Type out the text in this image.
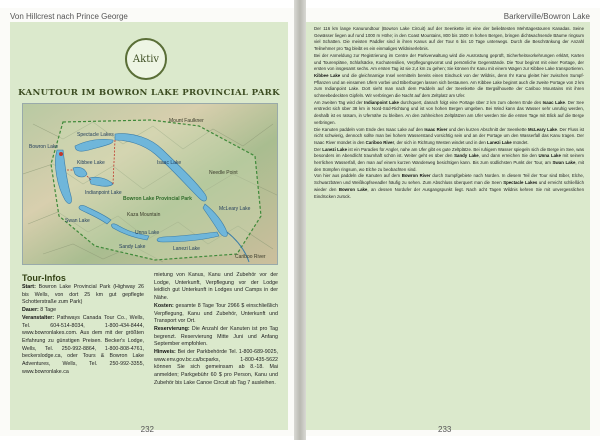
Von Hillcrest nach Prince George
Aktiv
KANUTOUR IM BOWRON LAKE PROVINCIAL PARK
Bowron Lake
Spectacle Lakes
Isaac Lake
Lanezi Lake
Sandy Lake
Indianpoint Lake
Kibbee Lake
Unna Lake
Swan Lake
McLeary Lake
Bowron Lake Provincial Park
Mount Faulkner
Needle Point
Kaza Mountain
Cariboo River
Tour-Infos

Start: Bowron Lake Provincial Park (Highway 26 bis Wells, von dort 25 km gut gepflegte Schotterstraße zum Park)

Dauer: 8 Tage

Veranstalter: Pathways Canada Tour Co., Wells, Tel. 604-514-8034, 1-800-434-8444, www.bowronlakes.com. Aus dem mit der größten Erfahrung zu günstigen Preisen. Becker's Lodge, Wells, Tel. 250-992-8864, 1-800-808-4761, beckerslodge.ca, oder Tours & Bowron Lake Adventures, Wells, Tel. 250-992-3355, www.bowronlake.ca

mietung von Kanus, Kanu und Zubehör vor der Lodge, Unterkunft, Verpflegung vor der Lodge leidlich gut Unterkunft in Lodges und Camps in der Nähe.

Kosten: gesamte 8 Tage Tour 2966 $ einschließlich Verpflegung, Kanu und Zubehör, Unterkunft und Transport vor Ort.

Reservierung: Die Anzahl der Kanuten ist pro Tag begrenzt. Reservierung Mitte Juni und Anfang September empfohlen.

Hinweis: Bei der Parkbehörde Tel. 1-800-689-9025, www.env.gov.bc.ca/bcparks, 1-800-435-5622 können Sie sich gemeinsam ab 8.-18. Mai anmelden; Parkgebühr 60 $ pro Person, Kanu und Zubehör bis Lake Canoe Circuit ab Tag 7 ausleihen.

232
Barkerville/Bowron Lake

Der 116 km lange Kanurundtour (Bowron Lake Circuit) auf der Seenkette ist eine der beliebtesten Mehrtagestouren Kanadas. Seine Gewässer liegen auf rund 1000 m Höhe; in den Coast Mountains, 800 bis 1500 m hohen Bergen, bringen dichtwachsende Bäume ringsum viel Schatten. Die meisten Paddler sind in ihren Kanus auf der Tour 6 bis 10 Tage unterwegs. Durch die Beschränkung der Anzahl Teilnehmer pro Tag bleibt es ein einmaliges Wildniserlebnis.

Bei der Anmeldung zur Registrierung im Centre der Parkverwaltung wird die Ausrüstung geprüft, Sicherheitsvorkehrungen erklärt, Karten und Tourenpläne, Schlafsäcke, Kochutensilien, Verpflegungsvorrat und persönliche Gegenstände. Die Tour beginnt mit einer Portage, der ersten von insgesamt sechs. Am ersten Tag ist sie 2,4 km zu gehen; Sie können Ihr Kanu mit einem Wagen zur Kibbee Lake transportieren. Kibbee Lake und die gleichnamige Insel vermitteln bereits einen Eindruck von der Wildnis, denn Ihr Kanu gleitet hier zwischen Sumpf-Pflanzen und an einsamen Ufern vorbei und Biberburgen lassen sich bestaunen. Am Kibbee Lake beginnt auch die zweite Portage von 2 km zum Indianpoint Lake. Dort sieht man nach dem Paddeln auf der Seenkette die Bergsilhouette der Cariboo Mountains mit ihren schneebedeckten Gipfeln. Wir verbringen die Nacht auf dem Zeltplatz am Ufer.

Am zweiten Tag wird der Indianpoint Lake durchquert, danach folgt eine Portage über 2 km zum oberen Ende des Isaac Lake. Der See erstreckt sich über 38 km in Nord-Süd-Richtung und ist von hohen Bergen umgeben. Bei Wind kann das Wasser sehr unruhig werden, deshalb ist es ratsam, in Ufernähe zu bleiben. An den zahlreichen Zeltplätzen am Ufer werden Sie die ersten Tage mit Blick auf die Berge verbringen.

Die Kanuten paddeln vom Ende des Isaac Lake auf den Isaac River und den kurzen Abschnitt der Seenkette McLeary Lake. Der Fluss ist nicht schwierig, dennoch sollte man bei hohem Wasserstand vorsichtig sein und an der Portage um den Wasserfall das Kanu tragen. Der Isaac River mündet in den Cariboo River, der sich in Richtung Westen windet und in den Lanezi Lake mündet.

Der Lanezi Lake ist ein Paradies für Angler, nahe am Ufer gibt es gute Zeltplätze. Bei ruhigem Wasser spiegeln sich die Berge im See, was besonders im Abendlicht traumhaft schön ist. Weiter geht es über den Sandy Lake, und dann erreichen Sie den Unna Lake mit seinem herrlichen Wasserfall, den man auf einem kurzen Wanderweg besichtigen kann. Bis zum südlichsten Punkt der Tour, am Swan Lake, mit den Sümpfen ringsum, wo Elche zu beobachten sind.

Von hier aus paddeln die Kanuten auf dem Bowron River durch Sumpfgebiete nach Norden. In diesem Teil der Tour sind Biber, Elche, Schwarzbären und Weißkopfseeadler häufig zu sehen. Zum Abschluss überquert man die Seen Spectacle Lakes und erreicht schließlich wieder den Bowron Lake, an dessen Nordufer der Ausgangspunkt liegt. Nach acht Tagen Wildnis kehren Sie mit unvergesslichen Eindrücken zurück.

233
